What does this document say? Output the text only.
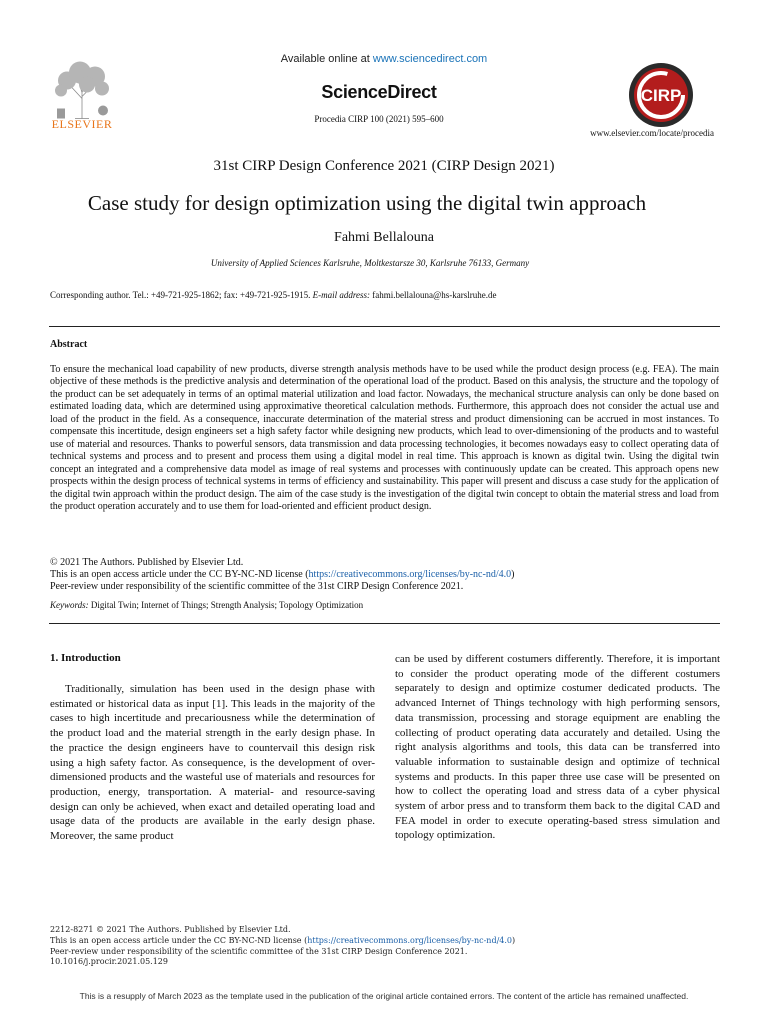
Available online at www.sciencedirect.com
ScienceDirect
Procedia CIRP 100 (2021) 595–600
www.elsevier.com/locate/procedia
ELSEVIER
CIRP
31st CIRP Design Conference 2021 (CIRP Design 2021)
Case study for design optimization using the digital twin approach
Fahmi Bellalouna
University of Applied Sciences Karlsruhe, Moltkestarsze 30, Karlsruhe 76133, Germany
Corresponding author. Tel.: +49-721-925-1862; fax: +49-721-925-1915. E-mail address: fahmi.bellalouna@hs-karslruhe.de
Abstract
To ensure the mechanical load capability of new products, diverse strength analysis methods have to be used while the product design process (e.g. FEA). The main objective of these methods is the predictive analysis and determination of the operational load of the product. Based on this analysis, the structure and the topology of the product can be set adequately in terms of an optimal material utilization and load factor. Nowadays, the mechanical structure analysis can only be done based on estimated loading data, which are determined using approximative theoretical calculation methods. Furthermore, this approach does not consider the actual use and load of the product in the field. As a consequence, inaccurate determination of the material stress and product dimensioning can be accrued in most instances. To compensate this incertitude, design engineers set a high safety factor while designing new products, which lead to over-dimensioning of the products and to wasteful use of material and resources. Thanks to powerful sensors, data transmission and data processing technologies, it becomes nowadays easy to collect operating data of technical systems and process and to present and process them using a digital model in real time. This approach is known as digital twin. Using the digital twin concept an integrated and a comprehensive data model as image of real systems and processes with continuously update can be created. This approach opens new prospects within the design process of technical systems in terms of efficiency and sustainability. This paper will present and discuss a case study for the application of the digital twin approach within the product design. The aim of the case study is the investigation of the digital twin concept to obtain the material stress and load from the product operation accurately and to use them for load-oriented and efficient product design.
© 2021 The Authors. Published by Elsevier Ltd.
This is an open access article under the CC BY-NC-ND license (https://creativecommons.org/licenses/by-nc-nd/4.0)
Peer-review under responsibility of the scientific committee of the 31st CIRP Design Conference 2021.
Keywords: Digital Twin; Internet of Things; Strength Analysis; Topology Optimization
1. Introduction
Traditionally, simulation has been used in the design phase with estimated or historical data as input [1]. This leads in the majority of the cases to high incertitude and precariousness while the determination of the product load and the material strength in the early design phase. In the practice the design engineers have to countervail this design risk using a high safety factor. As consequence, is the development of over-dimensioned products and the wasteful use of materials and resources for production, energy, transportation. A material- and resource-saving design can only be achieved, when exact and detailed operating load and usage data of the products are available in the early design phase. Moreover, the same product
can be used by different costumers differently. Therefore, it is important to consider the product operating mode of the different costumers separately to design and optimize costumer dedicated products. The advanced Internet of Things technology with high performing sensors, data transmission, processing and storage equipment are enabling the collecting of product operating data accurately and detailed. Using the right analysis algorithms and tools, this data can be transferred into valuable information to sustainable design and optimize of technical systems and products. In this paper three use case will be presented on how to collect the operating load and stress data of a cyber physical system of arbor press and to transform them back to the digital CAD and FEA model in order to execute operating-based stress simulation and topology optimization.
2212-8271 © 2021 The Authors. Published by Elsevier Ltd.
This is an open access article under the CC BY-NC-ND license (https://creativecommons.org/licenses/by-nc-nd/4.0)
Peer-review under responsibility of the scientific committee of the 31st CIRP Design Conference 2021.
10.1016/j.procir.2021.05.129
This is a resupply of March 2023 as the template used in the publication of the original article contained errors. The content of the article has remained unaffected.
